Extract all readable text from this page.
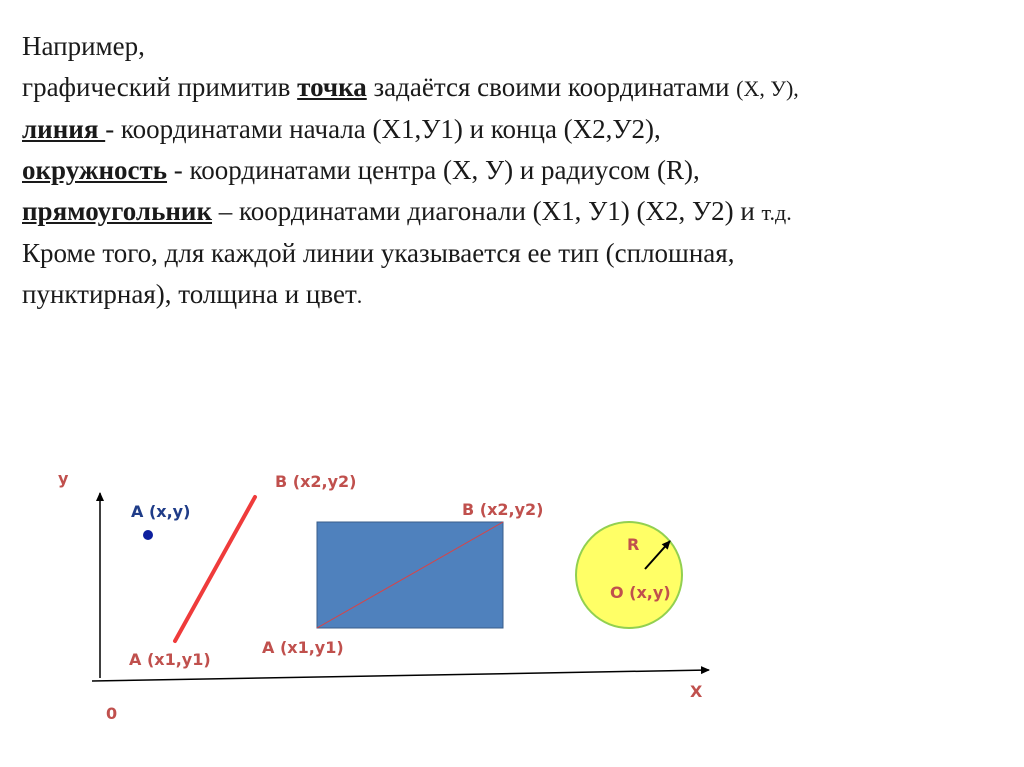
Например,
графический примитив точка задаётся своими координатами (X, У),
линия - координатами начала (X1,У1) и конца (X2,У2),
окружность - координатами центра (X, У) и радиусом (R),
прямоугольник – координатами диагонали (X1, У1) (X2, У2) и т.д.
Кроме того, для каждой линии указывается ее тип (сплошная,
пунктирная), толщина и цвет.
у
X
0
A (x,y)
A (x1,y1)
B (x2,y2)
A (x1,y1)
B (x2,y2)
R
O (x,y)
